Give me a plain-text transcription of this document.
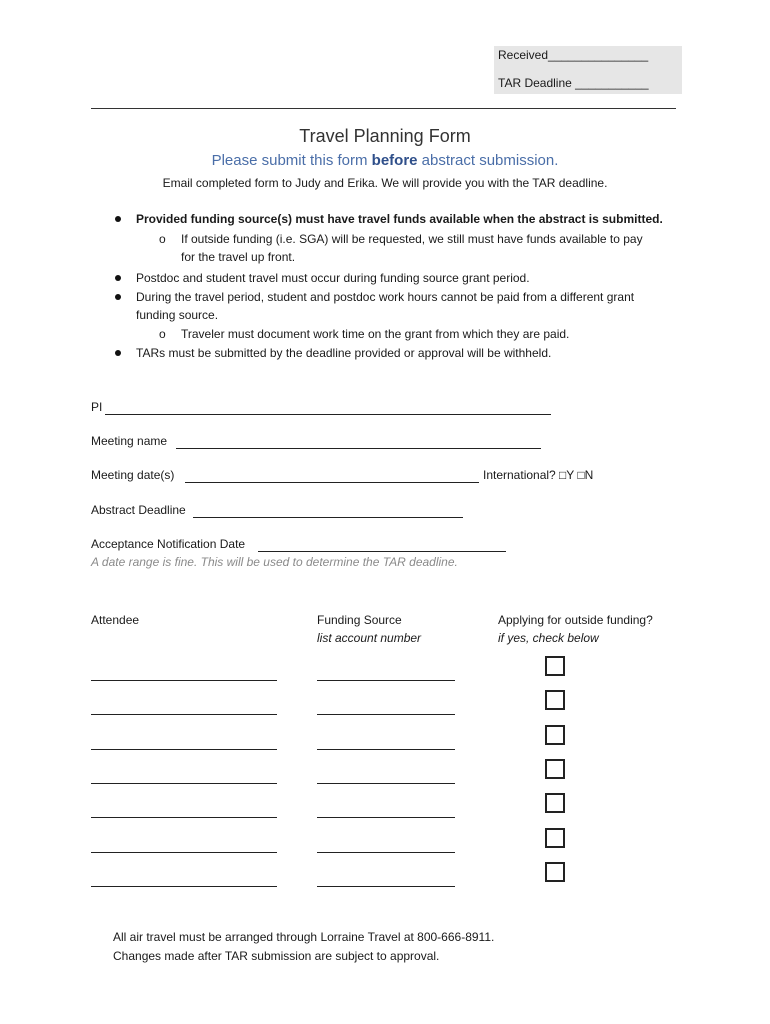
Received_______________
TAR Deadline ___________
Travel Planning Form
Please submit this form before abstract submission.
Email completed form to Judy and Erika. We will provide you with the TAR deadline.
Provided funding source(s) must have travel funds available when the abstract is submitted.
o If outside funding (i.e. SGA) will be requested, we still must have funds available to pay
for the travel up front.
Postdoc and student travel must occur during funding source grant period.
During the travel period, student and postdoc work hours cannot be paid from a different grant
funding source.
o Traveler must document work time on the grant from which they are paid.
TARs must be submitted by the deadline provided or approval will be withheld.
PI
Meeting name
Meeting date(s)	International? □Y □N
Abstract Deadline
Acceptance Notification Date
A date range is fine. This will be used to determine the TAR deadline.
Attendee	Funding Source
list account number
Applying for outside funding?
if yes, check below
All air travel must be arranged through Lorraine Travel at 800-666-8911.
Changes made after TAR submission are subject to approval.
